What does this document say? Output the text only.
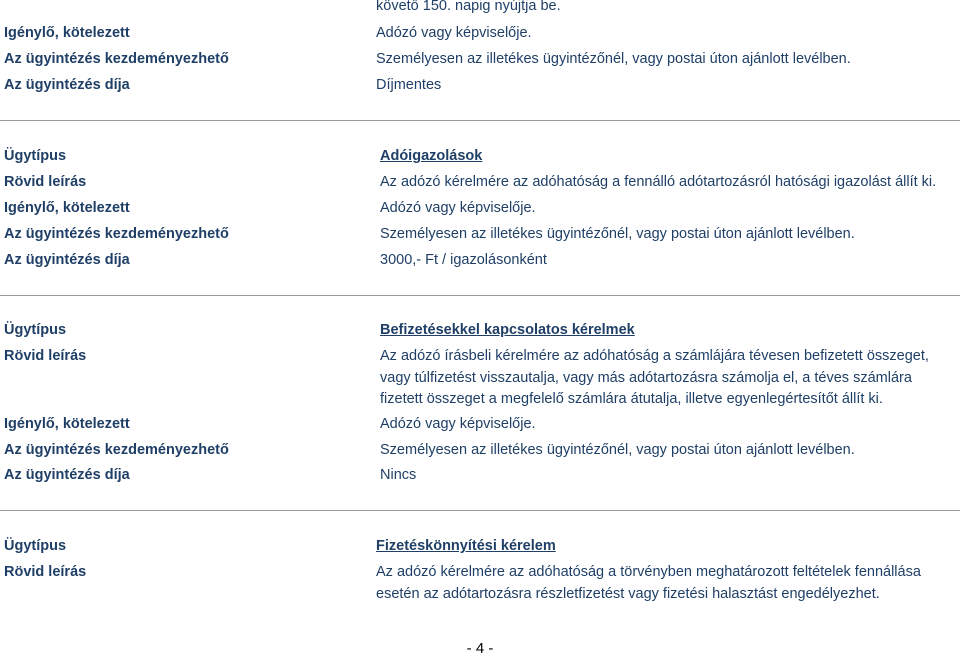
követő 150. napig nyújtja be.
Igénylő, kötelezett	Adózó vagy képviselője.
Az ügyintézés kezdeményezhető	Személyesen az illetékes ügyintézőnél, vagy postai úton ajánlott levélben.
Az ügyintézés díja	Díjmentes
Ügytípus	Adóigazolások
Rövid leírás	Az adózó kérelmére az adóhatóság a fennálló adótartozásról hatósági igazolást állít ki.
Igénylő, kötelezett	Adózó vagy képviselője.
Az ügyintézés kezdeményezhető	Személyesen az illetékes ügyintézőnél, vagy postai úton ajánlott levélben.
Az ügyintézés díja	3000,- Ft / igazolásonként
Ügytípus	Befizetésekkel kapcsolatos kérelmek
Rövid leírás	Az adózó írásbeli kérelmére az adóhatóság a számlájára tévesen befizetett összeget,
vagy túlfizetést visszautalja, vagy más adótartozásra számolja el, a téves számlára
fizetett összeget a megfelelő számlára átutalja, illetve egyenlegértesítőt állít ki.
Igénylő, kötelezett	Adózó vagy képviselője.
Az ügyintézés kezdeményezhető	Személyesen az illetékes ügyintézőnél, vagy postai úton ajánlott levélben.
Az ügyintézés díja	Nincs
Ügytípus	Fizetéskönnyítési kérelem
Rövid leírás	Az adózó kérelmére az adóhatóság a törvényben meghatározott feltételek fennállása
esetén az adótartozásra részletfizetést vagy fizetési halasztást engedélyezhet.
- 4 -
